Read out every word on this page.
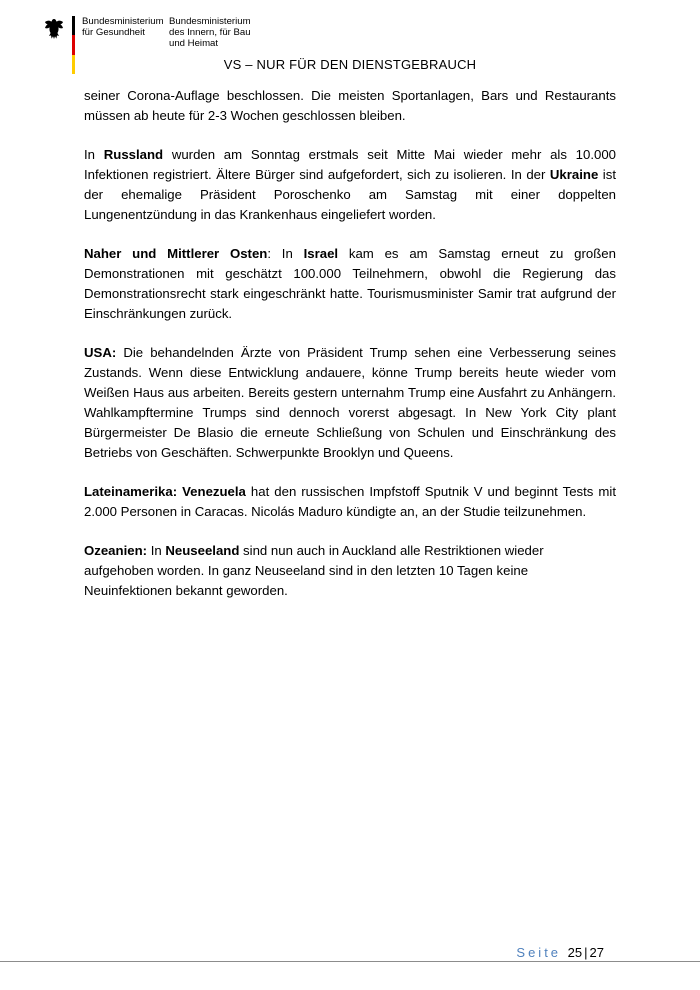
Bundesministerium
für Gesundheit
Bundesministerium
des Innern, für Bau
und Heimat
VS – NUR FÜR DEN DIENSTGEBRAUCH

seiner Corona-Auflage beschlossen. Die meisten Sportanlagen, Bars und Restaurants müssen ab heute für 2-3 Wochen geschlossen bleiben.

In Russland wurden am Sonntag erstmals seit Mitte Mai wieder mehr als 10.000 Infektionen registriert. Ältere Bürger sind aufgefordert, sich zu isolieren. In der Ukraine ist der ehemalige Präsident Poroschenko am Samstag mit einer doppelten Lungenentzündung in das Krankenhaus eingeliefert worden.

Naher und Mittlerer Osten: In Israel kam es am Samstag erneut zu großen Demonstrationen mit geschätzt 100.000 Teilnehmern, obwohl die Regierung das Demonstrationsrecht stark eingeschränkt hatte. Tourismusminister Samir trat aufgrund der Einschränkungen zurück.

USA: Die behandelnden Ärzte von Präsident Trump sehen eine Verbesserung seines Zustands. Wenn diese Entwicklung andauere, könne Trump bereits heute wieder vom Weißen Haus aus arbeiten. Bereits gestern unternahm Trump eine Ausfahrt zu Anhängern. Wahlkampftermine Trumps sind dennoch vorerst abgesagt. In New York City plant Bürgermeister De Blasio die erneute Schließung von Schulen und Einschränkung des Betriebs von Geschäften. Schwerpunkte Brooklyn und Queens.

Lateinamerika: Venezuela hat den russischen Impfstoff Sputnik V und beginnt Tests mit 2.000 Personen in Caracas. Nicolás Maduro kündigte an, an der Studie teilzunehmen.

Ozeanien: In Neuseeland sind nun auch in Auckland alle Restriktionen wieder aufgehoben worden. In ganz Neuseeland sind in den letzten 10 Tagen keine Neuinfektionen bekannt geworden.

Seite 25 | 27
